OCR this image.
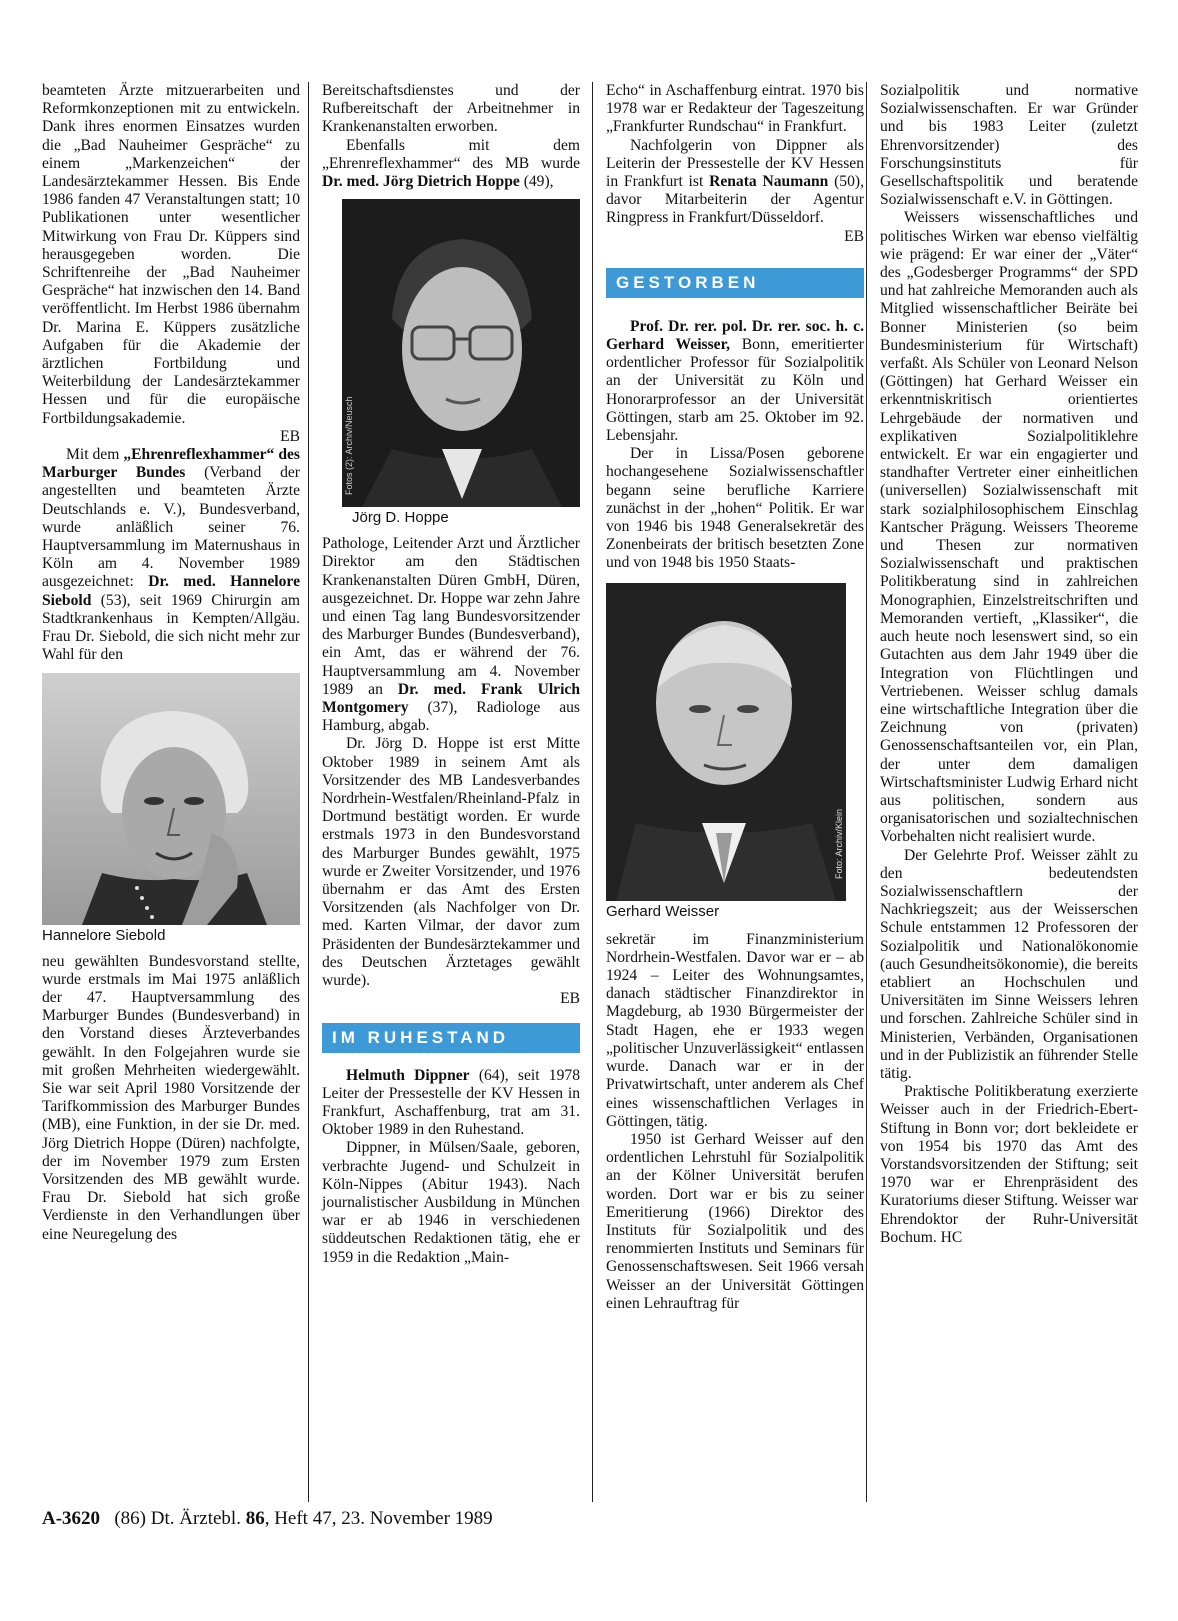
beamteten Ärzte mitzuerarbeiten und Reformkonzeptionen mit zu entwickeln. Dank ihres enormen Einsatzes wurden die „Bad Nauheimer Gespräche“ zu einem „Markenzeichen“ der Landesärztekammer Hessen. Bis Ende 1986 fanden 47 Veranstaltungen statt; 10 Publikationen unter wesentlicher Mitwirkung von Frau Dr. Küppers sind herausgegeben worden. Die Schriftenreihe der „Bad Nauheimer Gespräche“ hat inzwischen den 14. Band veröffentlicht. Im Herbst 1986 übernahm Dr. Marina E. Küppers zusätzliche Aufgaben für die Akademie der ärztlichen Fortbildung und Weiterbildung der Landesärztekammer Hessen und für die europäische Fortbildungsakademie.

EB

Mit dem „Ehrenreflexhammer“ des Marburger Bundes (Verband der angestellten und beamteten Ärzte Deutschlands e. V.), Bundesverband, wurde anläßlich seiner 76. Hauptversammlung im Maternushaus in Köln am 4. November 1989 ausgezeichnet: Dr. med. Hannelore Siebold (53), seit 1969 Chirurgin am Stadtkrankenhaus in Kempten/Allgäu. Frau Dr. Siebold, die sich nicht mehr zur Wahl für den

Hannelore Siebold

neu gewählten Bundesvorstand stellte, wurde erstmals im Mai 1975 anläßlich der 47. Hauptversammlung des Marburger Bundes (Bundesverband) in den Vorstand dieses Ärzteverbandes gewählt. In den Folgejahren wurde sie mit großen Mehrheiten wiedergewählt. Sie war seit April 1980 Vorsitzende der Tarifkommission des Marburger Bundes (MB), eine Funktion, in der sie Dr. med. Jörg Dietrich Hoppe (Düren) nachfolgte, der im November 1979 zum Ersten Vorsitzenden des MB gewählt wurde. Frau Dr. Siebold hat sich große Verdienste in den Verhandlungen über eine Neuregelung des

Bereitschaftsdienstes und der Rufbereitschaft der Arbeitnehmer in Krankenanstalten erworben.

Ebenfalls mit dem „Ehrenreflexhammer“ des MB wurde Dr. med. Jörg Dietrich Hoppe (49),

Fotos (2): Archiv/Neusch
Jörg D. Hoppe

Pathologe, Leitender Arzt und Ärztlicher Direktor am den Städtischen Krankenanstalten Düren GmbH, Düren, ausgezeichnet. Dr. Hoppe war zehn Jahre und einen Tag lang Bundesvorsitzender des Marburger Bundes (Bundesverband), ein Amt, das er während der 76. Hauptversammlung am 4. November 1989 an Dr. med. Frank Ulrich Montgomery (37), Radiologe aus Hamburg, abgab.

Dr. Jörg D. Hoppe ist erst Mitte Oktober 1989 in seinem Amt als Vorsitzender des MB Landesverbandes Nordrhein-Westfalen/Rheinland-Pfalz in Dortmund bestätigt worden. Er wurde erstmals 1973 in den Bundesvorstand des Marburger Bundes gewählt, 1975 wurde er Zweiter Vorsitzender, und 1976 übernahm er das Amt des Ersten Vorsitzenden (als Nachfolger von Dr. med. Karten Vilmar, der davor zum Präsidenten der Bundesärztekammer und des Deutschen Ärztetages gewählt wurde).

EB

IM RUHESTAND

Helmuth Dippner (64), seit 1978 Leiter der Pressestelle der KV Hessen in Frankfurt, Aschaffenburg, trat am 31. Oktober 1989 in den Ruhestand.

Dippner, in Mülsen/Saale, geboren, verbrachte Jugend- und Schulzeit in Köln-Nippes (Abitur 1943). Nach journalistischer Ausbildung in München war er ab 1946 in verschiedenen süddeutschen Redaktionen tätig, ehe er 1959 in die Redaktion „Main-

Echo“ in Aschaffenburg eintrat. 1970 bis 1978 war er Redakteur der Tageszeitung „Frankfurter Rundschau“ in Frankfurt.

Nachfolgerin von Dippner als Leiterin der Pressestelle der KV Hessen in Frankfurt ist Renata Naumann (50), davor Mitarbeiterin der Agentur Ringpress in Frankfurt/Düsseldorf.

EB

GESTORBEN

Prof. Dr. rer. pol. Dr. rer. soc. h. c. Gerhard Weisser, Bonn, emeritierter ordentlicher Professor für Sozialpolitik an der Universität zu Köln und Honorarprofessor an der Universität Göttingen, starb am 25. Oktober im 92. Lebensjahr.

Der in Lissa/Posen geborene hochangesehene Sozialwissenschaftler begann seine berufliche Karriere zunächst in der „hohen“ Politik. Er war von 1946 bis 1948 Generalsekretär des Zonenbeirats der britisch besetzten Zone und von 1948 bis 1950 Staats-

Foto: Archiv/Klein
Gerhard Weisser

sekretär im Finanzministerium Nordrhein-Westfalen. Davor war er – ab 1924 – Leiter des Wohnungsamtes, danach städtischer Finanzdirektor in Magdeburg, ab 1930 Bürgermeister der Stadt Hagen, ehe er 1933 wegen „politischer Unzuverlässigkeit“ entlassen wurde. Danach war er in der Privatwirtschaft, unter anderem als Chef eines wissenschaftlichen Verlages in Göttingen, tätig.

1950 ist Gerhard Weisser auf den ordentlichen Lehrstuhl für Sozialpolitik an der Kölner Universität berufen worden. Dort war er bis zu seiner Emeritierung (1966) Direktor des Instituts für Sozialpolitik und des renommierten Instituts und Seminars für Genossenschaftswesen. Seit 1966 versah Weisser an der Universität Göttingen einen Lehrauftrag für

Sozialpolitik und normative Sozialwissenschaften. Er war Gründer und bis 1983 Leiter (zuletzt Ehrenvorsitzender) des Forschungsinstituts für Gesellschaftspolitik und beratende Sozialwissenschaft e.V. in Göttingen.

Weissers wissenschaftliches und politisches Wirken war ebenso vielfältig wie prägend: Er war einer der „Väter“ des „Godesberger Programms“ der SPD und hat zahlreiche Memoranden auch als Mitglied wissenschaftlicher Beiräte bei Bonner Ministerien (so beim Bundesministerium für Wirtschaft) verfaßt. Als Schüler von Leonard Nelson (Göttingen) hat Gerhard Weisser ein erkenntniskritisch orientiertes Lehrgebäude der normativen und explikativen Sozialpolitiklehre entwickelt. Er war ein engagierter und standhafter Vertreter einer einheitlichen (universellen) Sozialwissenschaft mit stark sozialphilosophischem Einschlag Kantscher Prägung. Weissers Theoreme und Thesen zur normativen Sozialwissenschaft und praktischen Politikberatung sind in zahlreichen Monographien, Einzelstreitschriften und Memoranden vertieft, „Klassiker“, die auch heute noch lesenswert sind, so ein Gutachten aus dem Jahr 1949 über die Integration von Flüchtlingen und Vertriebenen. Weisser schlug damals eine wirtschaftliche Integration über die Zeichnung von (privaten) Genossenschaftsanteilen vor, ein Plan, der unter dem damaligen Wirtschaftsminister Ludwig Erhard nicht aus politischen, sondern aus organisatorischen und sozialtechnischen Vorbehalten nicht realisiert wurde.

Der Gelehrte Prof. Weisser zählt zu den bedeutendsten Sozialwissenschaftlern der Nachkriegszeit; aus der Weisserschen Schule entstammen 12 Professoren der Sozialpolitik und Nationalökonomie (auch Gesundheitsökonomie), die bereits etabliert an Hochschulen und Universitäten im Sinne Weissers lehren und forschen. Zahlreiche Schüler sind in Ministerien, Verbänden, Organisationen und in der Publizistik an führender Stelle tätig.

Praktische Politikberatung exerzierte Weisser auch in der Friedrich-Ebert-Stiftung in Bonn vor; dort bekleidete er von 1954 bis 1970 das Amt des Vorstandsvorsitzenden der Stiftung; seit 1970 war er Ehrenpräsident des Kuratoriums dieser Stiftung. Weisser war Ehrendoktor der Ruhr-Universität Bochum. HC

A-3620 (86) Dt. Ärztebl. 86, Heft 47, 23. November 1989
